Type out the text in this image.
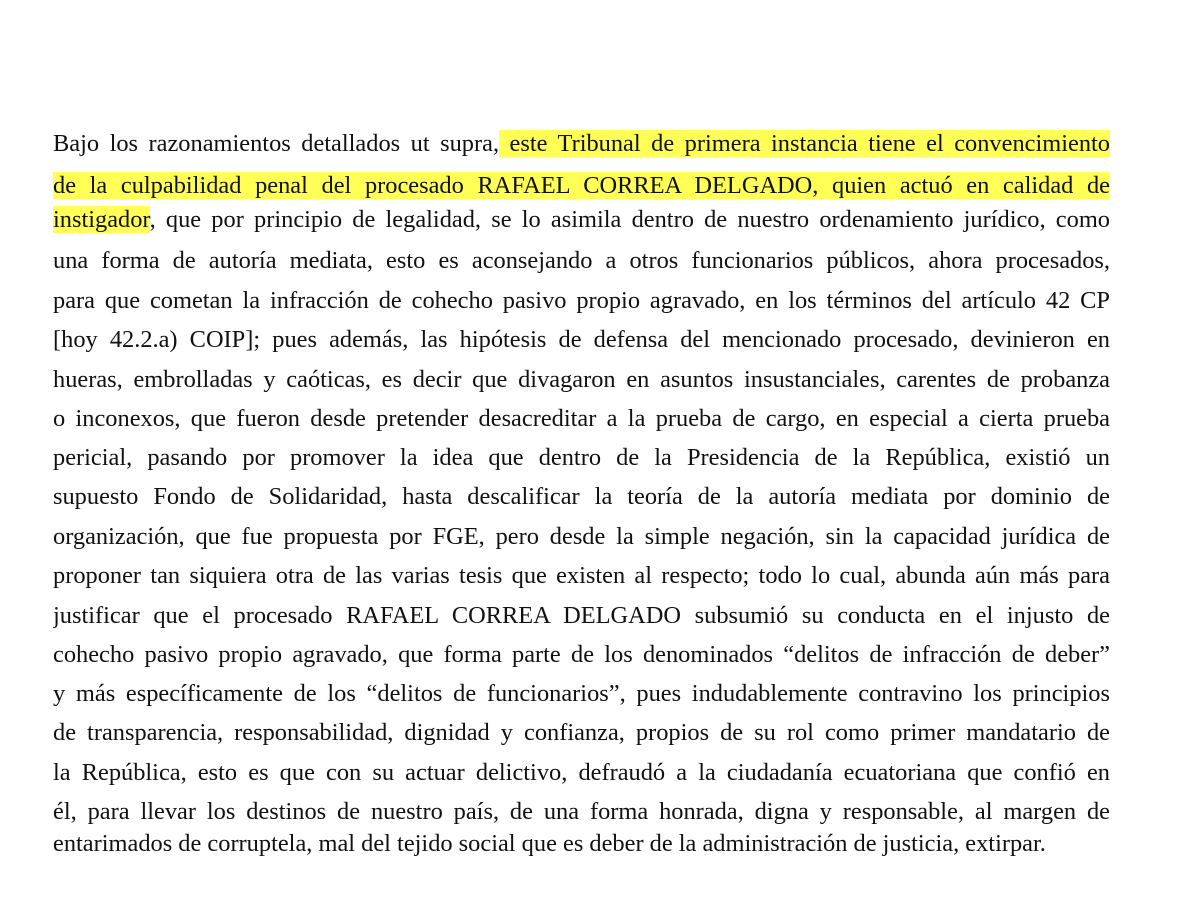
Bajo los razonamientos detallados ut supra, este Tribunal de primera instancia tiene el convencimiento
de la culpabilidad penal del procesado RAFAEL CORREA DELGADO, quien actuó en calidad de
instigador, que por principio de legalidad, se lo asimila dentro de nuestro ordenamiento jurídico, como
una forma de autoría mediata, esto es aconsejando a otros funcionarios públicos, ahora procesados,
para que cometan la infracción de cohecho pasivo propio agravado, en los términos del artículo 42 CP
[hoy 42.2.a) COIP]; pues además, las hipótesis de defensa del mencionado procesado, devinieron en
hueras, embrolladas y caóticas, es decir que divagaron en asuntos insustanciales, carentes de probanza
o inconexos, que fueron desde pretender desacreditar a la prueba de cargo, en especial a cierta prueba
pericial, pasando por promover la idea que dentro de la Presidencia de la República, existió un
supuesto Fondo de Solidaridad, hasta descalificar la teoría de la autoría mediata por dominio de
organización, que fue propuesta por FGE, pero desde la simple negación, sin la capacidad jurídica de
proponer tan siquiera otra de las varias tesis que existen al respecto; todo lo cual, abunda aún más para
justificar que el procesado RAFAEL CORREA DELGADO subsumió su conducta en el injusto de
cohecho pasivo propio agravado, que forma parte de los denominados “delitos de infracción de deber”
y más específicamente de los “delitos de funcionarios”, pues indudablemente contravino los principios
de transparencia, responsabilidad, dignidad y confianza, propios de su rol como primer mandatario de
la República, esto es que con su actuar delictivo, defraudó a la ciudadanía ecuatoriana que confió en
él, para llevar los destinos de nuestro país, de una forma honrada, digna y responsable, al margen de
entarimados de corruptela, mal del tejido social que es deber de la administración de justicia, extirpar.
